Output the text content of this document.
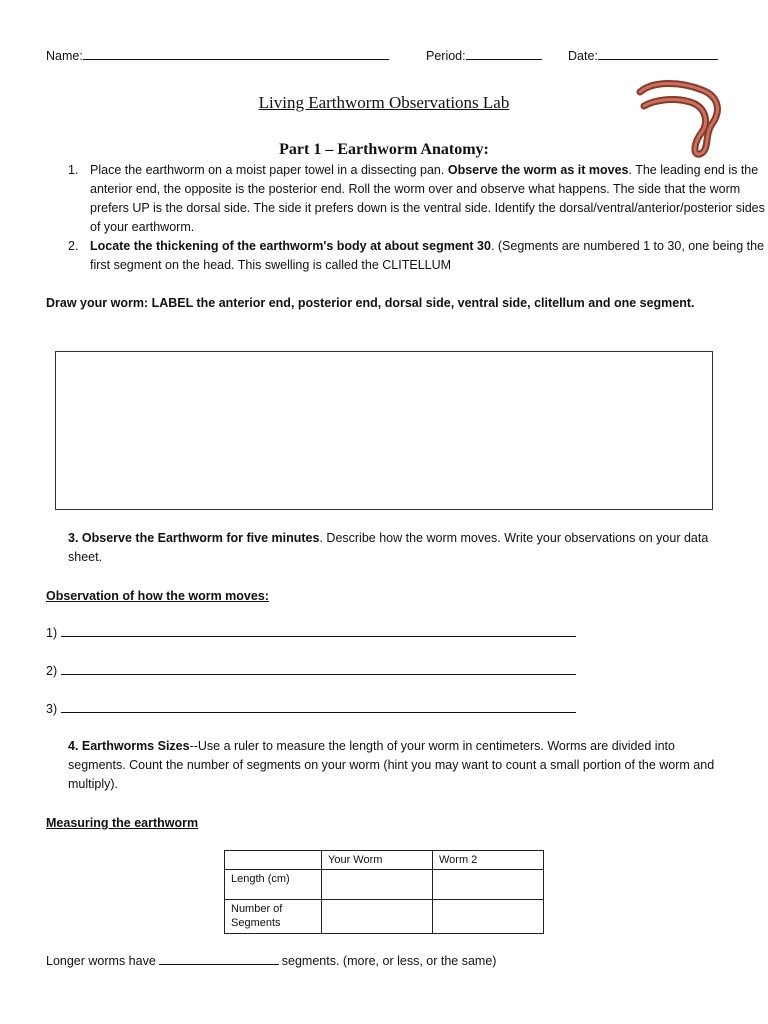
Name:	Period:	Date:
Living Earthworm Observations Lab
Part 1 – Earthworm Anatomy:
1. Place the earthworm on a moist paper towel in a dissecting pan. Observe the worm as it moves. The leading end is the anterior end, the opposite is the posterior end. Roll the worm over and observe what happens. The side that the worm prefers UP is the dorsal side. The side it prefers down is the ventral side. Identify the dorsal/ventral/anterior/posterior sides of your earthworm.
2. Locate the thickening of the earthworm's body at about segment 30. (Segments are numbered 1 to 30, one being the first segment on the head. This swelling is called the CLITELLUM
Draw your worm: LABEL the anterior end, posterior end, dorsal side, ventral side, clitellum and one segment.
3. Observe the Earthworm for five minutes. Describe how the worm moves. Write your observations on your data sheet.
Observation of how the worm moves:
1)
2)
3)
4. Earthworms Sizes--Use a ruler to measure the length of your worm in centimeters. Worms are divided into segments. Count the number of segments on your worm (hint you may want to count a small portion of the worm and multiply).
Measuring the earthworm
	Your Worm	Worm 2
Length (cm)		
Number of Segments		
Longer worms have	segments. (more, or less, or the same)
